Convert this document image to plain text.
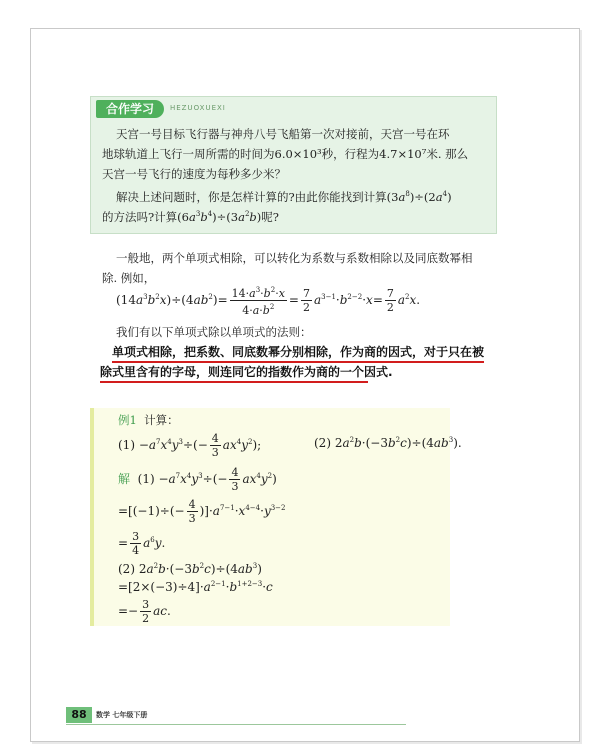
合作学习	HEZUOXUEXI
天宫一号目标飞行器与神舟八号飞船第一次对接前，天宫一号在环
地球轨道上飞行一周所需的时间为6.0×10³秒，行程为4.7×10⁷米. 那么
天宫一号飞行的速度为每秒多少米？
解决上述问题时，你是怎样计算的?由此你能找到计算$(3a^8)\div(2a^4)$
的方法吗?计算$(6a^3b^4)\div(3a^2b)$呢?
一般地，两个单项式相除，可以转化为系数与系数相除以及同底数幂相
除. 例如，
$(14a^3b^2x)\div(4ab^2)= \frac{14\cdot a^3\cdot b^2\cdot x}{4\cdot a\cdot b^2} = \frac{7}{2} a^{3-1}\cdot b^{2-2}\cdot x= \frac{7}{2} a^2x$.
我们有以下单项式除以单项式的法则：
单项式相除，把系数、同底数幂分别相除，作为商的因式，对于只在被
除式里含有的字母，则连同它的指数作为商的一个因式.
例1 计算：
$(1) -a^7x^4y^3\div(- \frac{4}{3} ax^4y^2)$;	(2) $2a^2b\cdot(-3b^2c)\div(4ab^3)$.
解  $(1) -a^7x^4y^3\div(- \frac{4}{3} ax^4y^2)$
$=[(-1)\div(- \frac{4}{3} )]\cdot a^{7-1}\cdot x^{4-4}\cdot y^{3-2}$
= $\frac{3}{4} a^6y$.
(2) $2a^2b\cdot(-3b^2c)\div(4ab^3)$
$=[2\times(-3)\div 4]\cdot a^{2-1}\cdot b^{1+2-3}\cdot c$
=− $\frac{3}{2}$ ac.
88	数学 七年级下册
